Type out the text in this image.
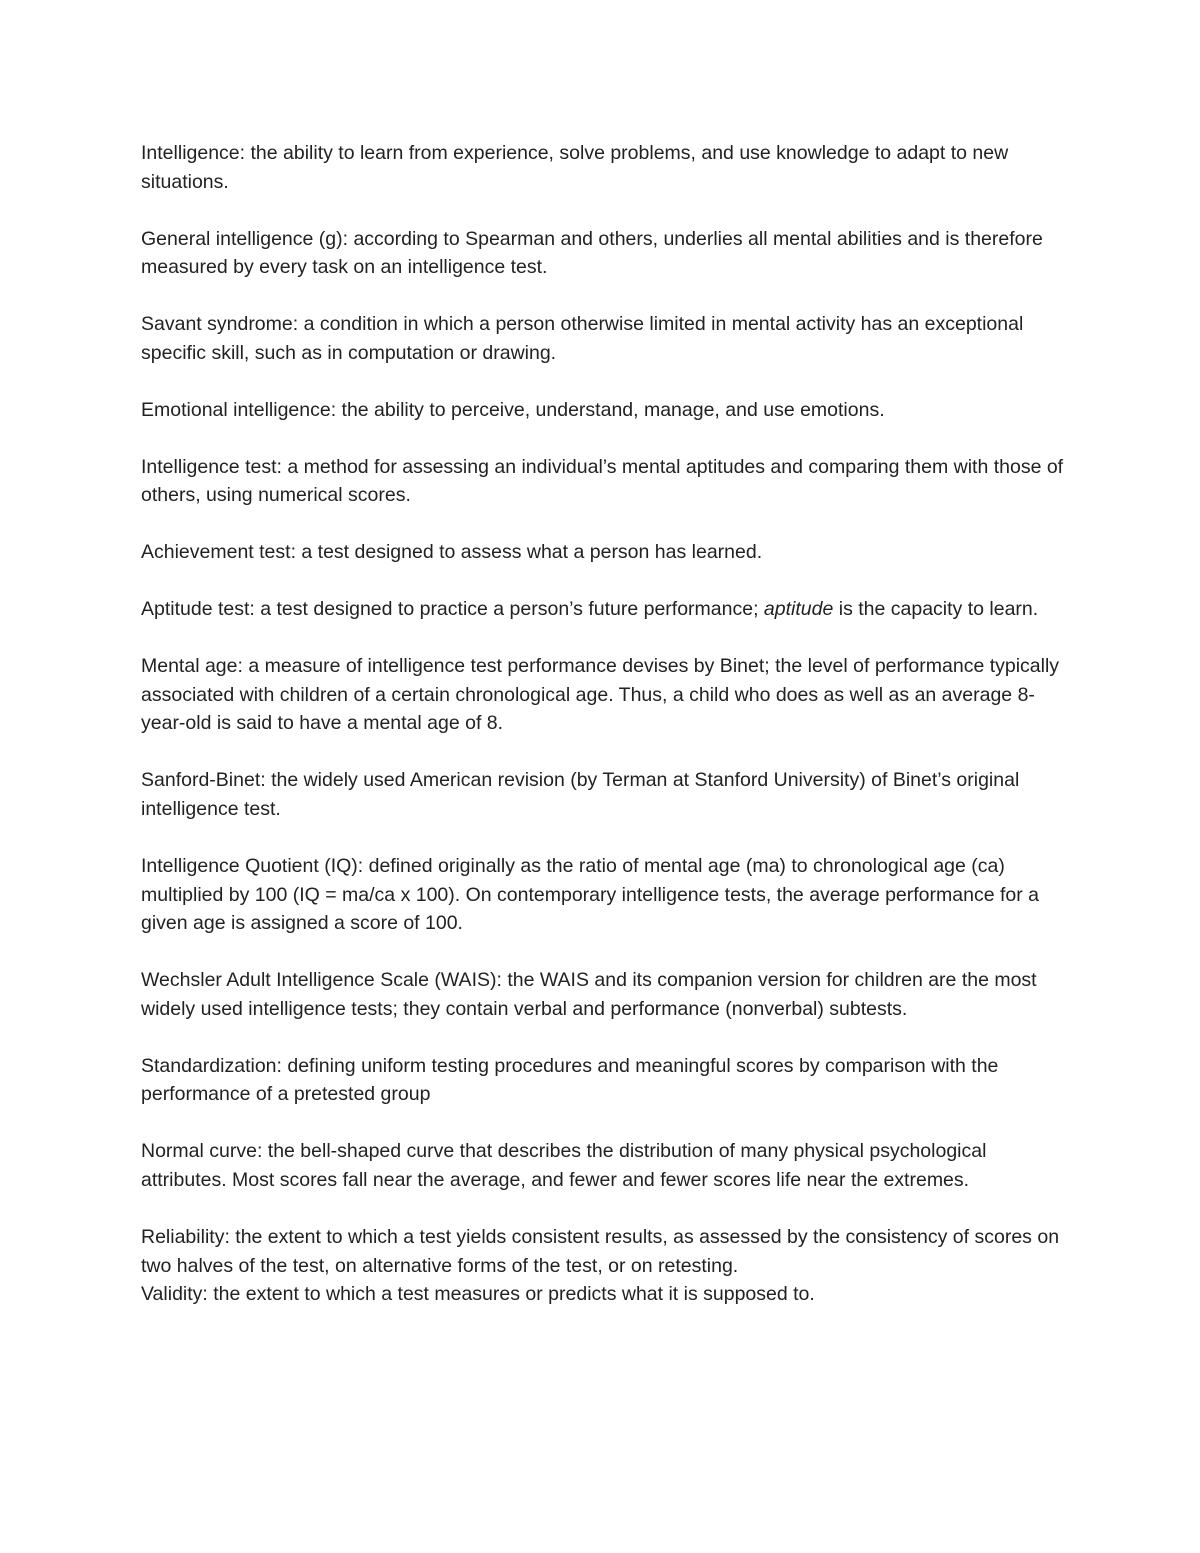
Intelligence: the ability to learn from experience, solve problems, and use knowledge to adapt to new situations.

General intelligence (g): according to Spearman and others, underlies all mental abilities and is therefore measured by every task on an intelligence test.

Savant syndrome: a condition in which a person otherwise limited in mental activity has an exceptional specific skill, such as in computation or drawing.

Emotional intelligence: the ability to perceive, understand, manage, and use emotions.

Intelligence test: a method for assessing an individual’s mental aptitudes and comparing them with those of others, using numerical scores.

Achievement test: a test designed to assess what a person has learned.

Aptitude test: a test designed to practice a person’s future performance; aptitude is the capacity to learn.

Mental age: a measure of intelligence test performance devises by Binet; the level of performance typically associated with children of a certain chronological age. Thus, a child who does as well as an average 8-year-old is said to have a mental age of 8.

Sanford-Binet: the widely used American revision (by Terman at Stanford University) of Binet’s original intelligence test.

Intelligence Quotient (IQ): defined originally as the ratio of mental age (ma) to chronological age (ca) multiplied by 100 (IQ = ma/ca x 100). On contemporary intelligence tests, the average performance for a given age is assigned a score of 100.

Wechsler Adult Intelligence Scale (WAIS): the WAIS and its companion version for children are the most widely used intelligence tests; they contain verbal and performance (nonverbal) subtests.

Standardization: defining uniform testing procedures and meaningful scores by comparison with the performance of a pretested group

Normal curve: the bell-shaped curve that describes the distribution of many physical psychological attributes. Most scores fall near the average, and fewer and fewer scores life near the extremes.

Reliability: the extent to which a test yields consistent results, as assessed by the consistency of scores on two halves of the test, on alternative forms of the test, or on retesting.

Validity: the extent to which a test measures or predicts what it is supposed to.
